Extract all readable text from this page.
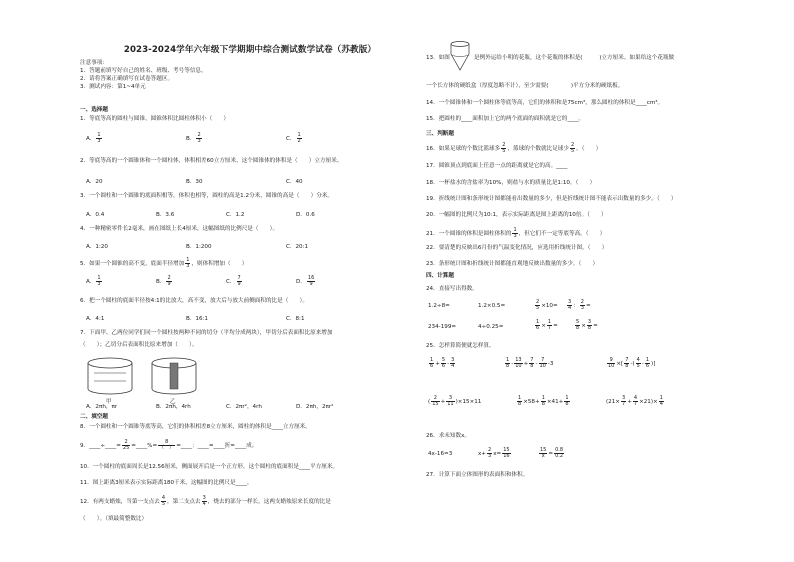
2023-2024学年六年级下学期期中综合测试数学试卷（苏教版）
注意事项：
1．答题前填写好自己的姓名、班级、考号等信息。
2．请将答案正确填写在试卷答题区。
3．测试内容：第1~4单元
一、选择题
1．等底等高的圆柱与圆锥，圆锥体积比圆柱体积小（　　）
A． $\frac{1}{3}$	B． $\frac{2}{3}$	C． $\frac{1}{2}$
2．等底等高的一个圆锥体和一个圆柱体，体积相差60立方厘米，这个圆锥体的体积是（　　）立方厘米。
A．20	B．30	C．40
3．一个圆柱和一个圆锥的底面积相等，体积也相等，圆柱的高是1.2分米，圆锥的高是（　　）分米。
A．0.4	B．3.6	C．1.2	D．0.6
4．一种精密零件长2毫米，画在图纸上长4厘米，这幅图纸的比例尺是（　　）。
A．1:20	B．1:200	C．20:1
5．如果一个圆锥的高不变，底面半径增加 $\frac{1}{3}$ ，则体积增加（　　）
A． $\frac{1}{3}$	B． $\frac{2}{9}$	C． $\frac{7}{9}$	D． $\frac{16}{9}$
6．把一个圆柱的底面半径按4:1的比放大，高不变，放大后与放大前侧面积的比是（　　）。
A．4:1	B．16:1	C．8:1
7．下面甲、乙两位同学们同一个圆柱按两种不同的切分（平均分成两块），甲切分后表面积比原来增加
（　　）；乙切分后表面积比原来增加（　　）。
甲	乙
A．2πh，πr	B．2πh，4rh	C．2πr²，4rh	D．2πh，2πr²
二、填空题
8．一个圆柱和一个圆锥等底等高，它们的体积相差8立方厘米，圆柱的体积是____立方厘米。
9．____÷____= $\frac{2}{25}$ =____%= $\frac{8}{( )}$ =____：____=____折=____成。
10．一个圆柱的底面周长是12.56厘米，侧面展开后是一个正方形，这个圆柱的底面积是____平方厘米。
11．图上距离3厘米表示实际距离180千米，这幅图的比例尺是____。
12．有两支蜡烛，当第一支点去 $\frac{4}{5}$ ，第二支点去 $\frac{3}{4}$ ，烧去的部分一样长，这两支蜡烛原来长度的比是
（　　）。（填最简整数比）
13．如图	是例外运给小明的花瓶，这个花瓶的体积是(　　　)立方厘米。如果给这个花瓶做
一个长方体的硬纸盒（厚度忽略不计），至少需要(　　　　)平方分米的硬纸板。
14．一个圆锥体和一个圆柱体等底等高，它们的体积和是75cm³，那么圆柱的体积是____cm³。
15．把圆柱的____面积加上它的两个底面的面积就是它的____。
三、判断题
16．如果足球的个数比篮球多 $\frac{2}{5}$ ，篮球的个数就比足球少 $\frac{2}{5}$ 。（　　）
17．圆锥顶点到底面上任意一点的距离就是它的高。____
18．一杯盐水的含盐率为10%，则盐与水的质量比是1:10。（　　）
19．折线统计图和条形统计图都能看出数量的多少，但是折线统计图不能表示出数量的多少。（　　）
20．一幅图的比例尺为10:1，表示实际距离是图上距离的10倍。（　　）
21．一个圆锥的体积是圆柱体积的 $\frac{1}{3}$ ，但它们不一定等底等高。（　　）
22．要清楚的反映出6月份的气温变化情况，应选用折线统计图。（　　）
23．条形统计图和折线统计图都能直观地反映出数量的多少。（　　）
四、计算题
24．直接写出得数。
1.2÷8=	1.2×0.5=	$\frac{2}{5} \times 10= \frac{3}{4}$ ： $\frac{2}{3}$ =
234-199=	4÷0.25=	$\frac{1}{6} \times \frac{1}{7}$ =	$\frac{5}{8} \times \frac{3}{8}$ =
25．怎样算简便就怎样算。
$\frac{1}{6} + \frac{5}{6} - \frac{3}{4}$	$\frac{1}{8} - \frac{13}{10} + \frac{7}{8} - \frac{7}{10} -3$	$\frac{9}{10}$ ×[ $\frac{7}{8}$ -( $\frac{4}{5} - \frac{1}{6}$ )]
( $\frac{2}{15} + \frac{3}{11} )\times 15\times 11$	$\frac{1}{8} \times 58+ \frac{1}{8} \times 41+ \frac{1}{8}$	$(21\times \frac{3}{7} + \frac{4}{7} \times 21)\times \frac{1}{4}$
26．求未知数x。
4x-16=3	$x+ \frac{2}{3} x= \frac{15}{16}$	$\frac{15}{x} = \frac{0.8}{0.2}$
27．计算下面立体图形的表面积和体积。
